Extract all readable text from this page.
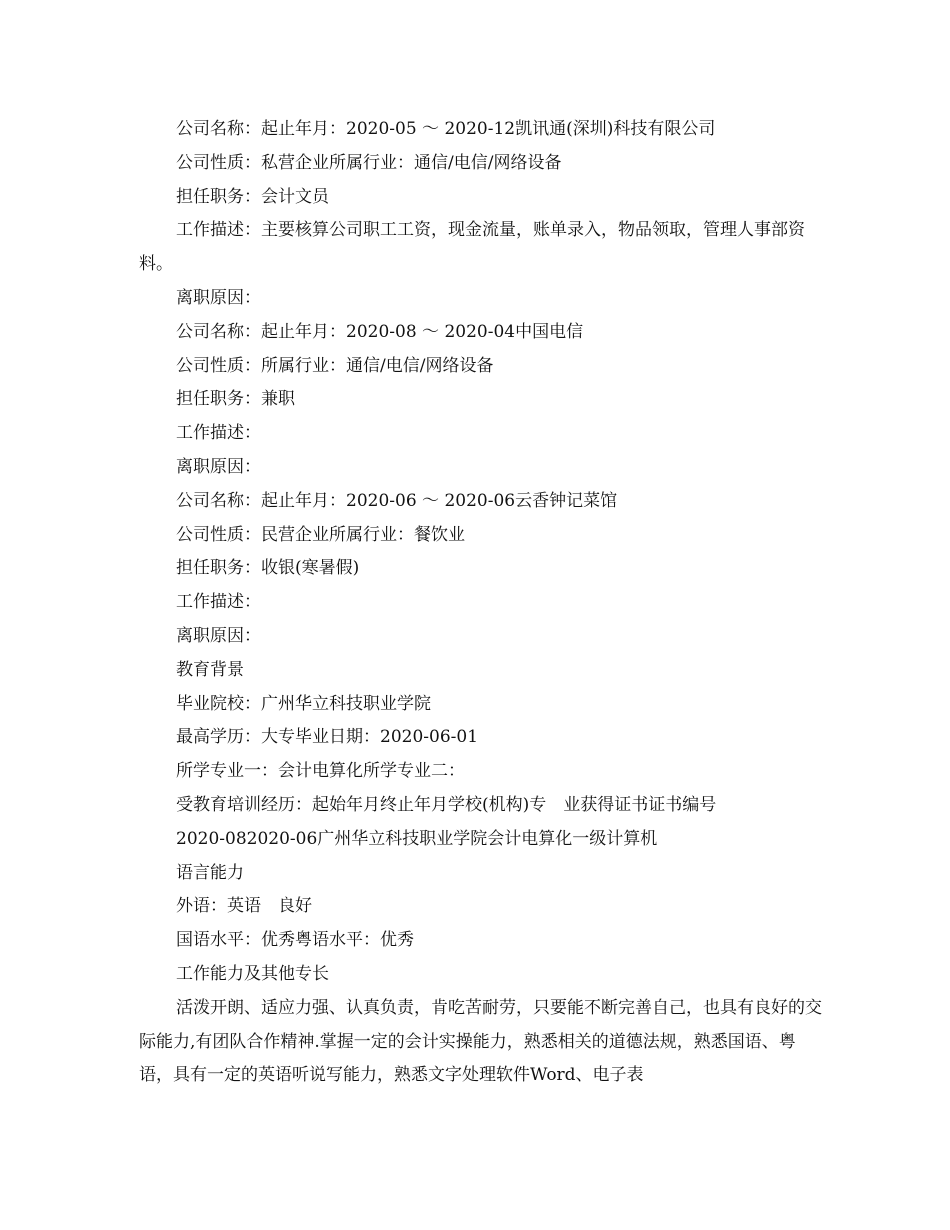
公司名称：起止年月：2020-05 ～ 2020-12凯讯通(深圳)科技有限公司

公司性质：私营企业所属行业：通信/电信/网络设备

担任职务：会计文员

工作描述：主要核算公司职工工资，现金流量，账单录入，物品领取，管理人事部资料。

离职原因：

公司名称：起止年月：2020-08 ～ 2020-04中国电信

公司性质：所属行业：通信/电信/网络设备

担任职务：兼职

工作描述：

离职原因：

公司名称：起止年月：2020-06 ～ 2020-06云香钟记菜馆

公司性质：民营企业所属行业：餐饮业

担任职务：收银(寒暑假)

工作描述：

离职原因：

教育背景

毕业院校：广州华立科技职业学院

最高学历：大专毕业日期：2020-06-01

所学专业一：会计电算化所学专业二：

受教育培训经历：起始年月终止年月学校(机构)专　业获得证书证书编号

2020-082020-06广州华立科技职业学院会计电算化一级计算机

语言能力

外语：英语　良好

国语水平：优秀粤语水平：优秀

工作能力及其他专长

活泼开朗、适应力强、认真负责，肯吃苦耐劳，只要能不断完善自己，也具有良好的交际能力,有团队合作精神.掌握一定的会计实操能力，熟悉相关的道德法规，熟悉国语、粤语，具有一定的英语听说写能力，熟悉文字处理软件Word、电子表
